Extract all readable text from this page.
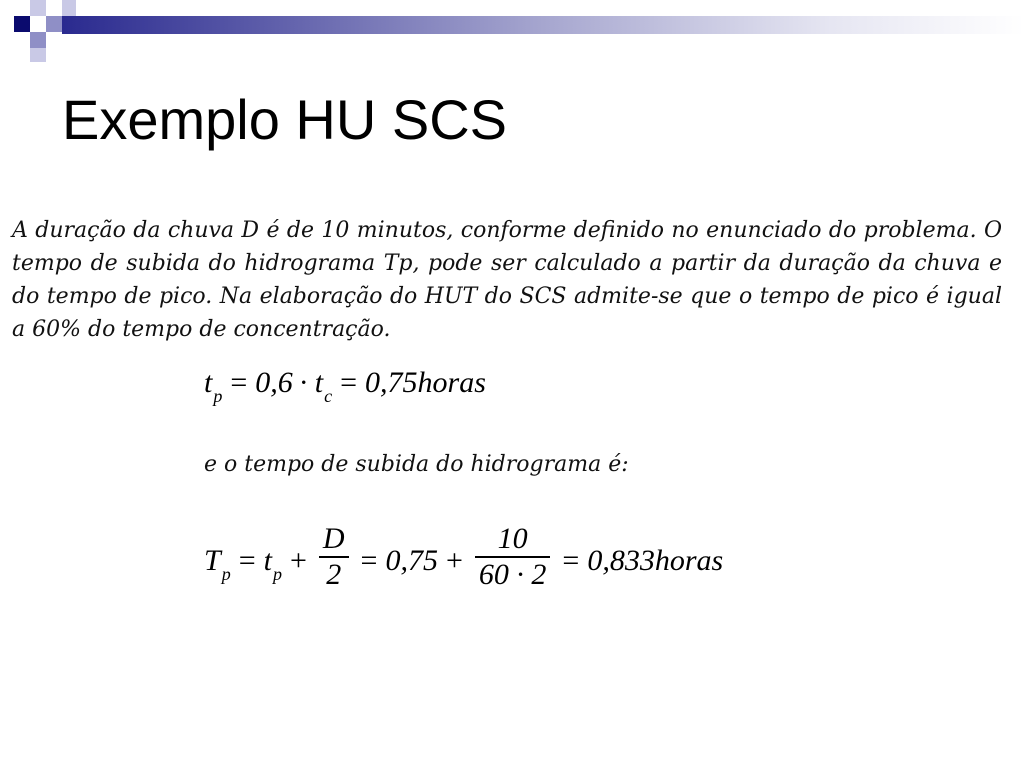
Exemplo HU SCS
A duração da chuva D é de 10 minutos, conforme definido no enunciado do problema. O tempo de subida do hidrograma Tp, pode ser calculado a partir da duração da chuva e do tempo de pico. Na elaboração do HUT do SCS admite-se que o tempo de pico é igual a 60% do tempo de concentração.
$t_p = 0,6 \cdot t_c$ = 0,75horas
e o tempo de subida do hidrograma é:
$T_p = t_p + \frac{D}{2} = 0,75 + \frac{10}{60 \cdot 2}$ = 0,833horas
